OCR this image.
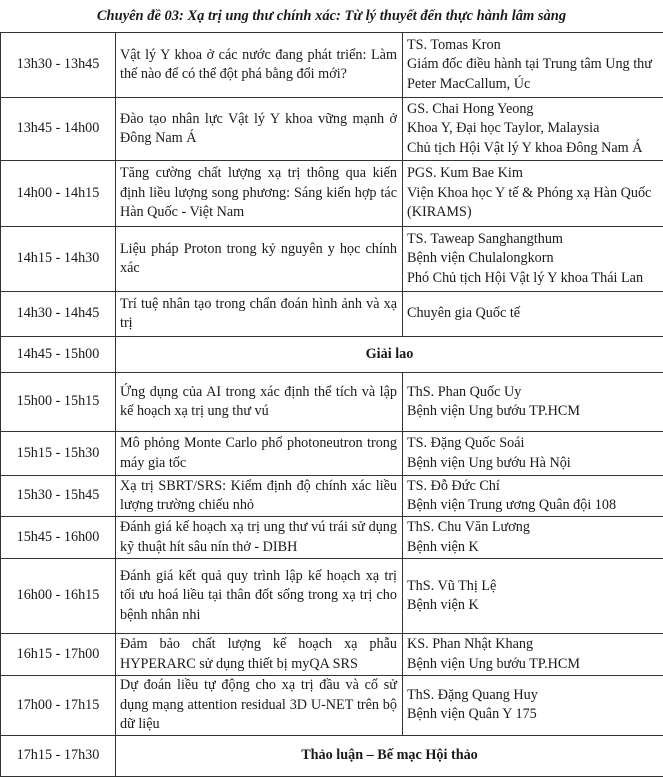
Chuyên đề 03: Xạ trị ung thư chính xác: Từ lý thuyết đến thực hành lâm sàng
13h30 - 13h45	Vật lý Y khoa ở các nước đang phát triển: Làm thế nào để có thể đột phá bằng đổi mới?	TS. Tomas Kron
Giám đốc điều hành tại Trung tâm Ung thư Peter MacCallum, Úc

13h45 - 14h00	Đào tạo nhân lực Vật lý Y khoa vững mạnh ở Đông Nam Á	GS. Chai Hong Yeong
Khoa Y, Đại học Taylor, Malaysia
Chủ tịch Hội Vật lý Y khoa Đông Nam Á

14h00 - 14h15	Tăng cường chất lượng xạ trị thông qua kiến định liều lượng song phương: Sáng kiến hợp tác Hàn Quốc - Việt Nam	PGS. Kum Bae Kim
Viện Khoa học Y tế & Phóng xạ Hàn Quốc (KIRAMS)

14h15 - 14h30	Liệu pháp Proton trong kỷ nguyên y học chính xác	TS. Taweap Sanghangthum
Bệnh viện Chulalongkorn
Phó Chủ tịch Hội Vật lý Y khoa Thái Lan

14h30 - 14h45	Trí tuệ nhân tạo trong chẩn đoán hình ảnh và xạ trị	Chuyên gia Quốc tế

14h45 - 15h00	Giải lao	
15h00 - 15h15	Ứng dụng của AI trong xác định thể tích và lập kế hoạch xạ trị ung thư vú	ThS. Phan Quốc Uy
Bệnh viện Ung bướu TP.HCM

15h15 - 15h30	Mô phỏng Monte Carlo phổ photoneutron trong máy gia tốc	TS. Đặng Quốc Soái
Bệnh viện Ung bướu Hà Nội

15h30 - 15h45	Xạ trị SBRT/SRS: Kiểm định độ chính xác liều lượng trường chiếu nhỏ	TS. Đỗ Đức Chí
Bệnh viện Trung ương Quân đội 108

15h45 - 16h00	Đánh giá kế hoạch xạ trị ung thư vú trái sử dụng kỹ thuật hít sâu nín thở - DIBH	ThS. Chu Văn Lương
Bệnh viện K

16h00 - 16h15	Đánh giá kết quả quy trình lập kế hoạch xạ trị tối ưu hoá liều tại thân đốt sống trong xạ trị cho bệnh nhân nhi	ThS. Vũ Thị Lệ
Bệnh viện K

16h15 - 17h00	Đảm bảo chất lượng kế hoạch xạ phẫu HYPERARC sử dụng thiết bị myQA SRS	KS. Phan Nhật Khang
Bệnh viện Ung bướu TP.HCM

17h00 - 17h15	Dự đoán liều tự động cho xạ trị đầu và cổ sử dụng mạng attention residual 3D U-NET trên bộ dữ liệu	ThS. Đặng Quang Huy
Bệnh viện Quân Y 175

17h15 - 17h30	Thảo luận – Bế mạc Hội thảo	
